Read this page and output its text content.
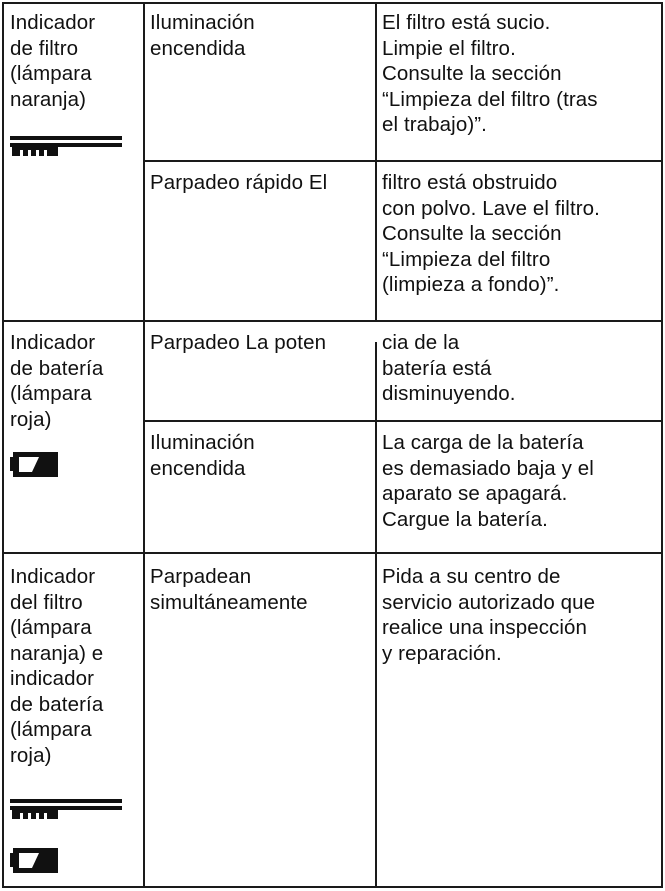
Indicador
de filtro
(lámpara
naranja)
Iluminación
encendida
El filtro está sucio.
Limpie el filtro.
Consulte la sección
“Limpieza del filtro (tras
el trabajo)”.
Parpadeo rápido El	filtro está obstruido
con polvo. Lave el filtro.
Consulte la sección
“Limpieza del filtro
(limpieza a fondo)”.
Indicador
de batería
(lámpara
roja)
Parpadeo La poten	cia de la
batería está
disminuyendo.
Iluminación
encendida
La carga de la batería
es demasiado baja y el
aparato se apagará.
Cargue la batería.
Indicador
del filtro
(lámpara
naranja) e
indicador
de batería
(lámpara
roja)
Parpadean
simultáneamente
Pida a su centro de
servicio autorizado que
realice una inspección
y reparación.
